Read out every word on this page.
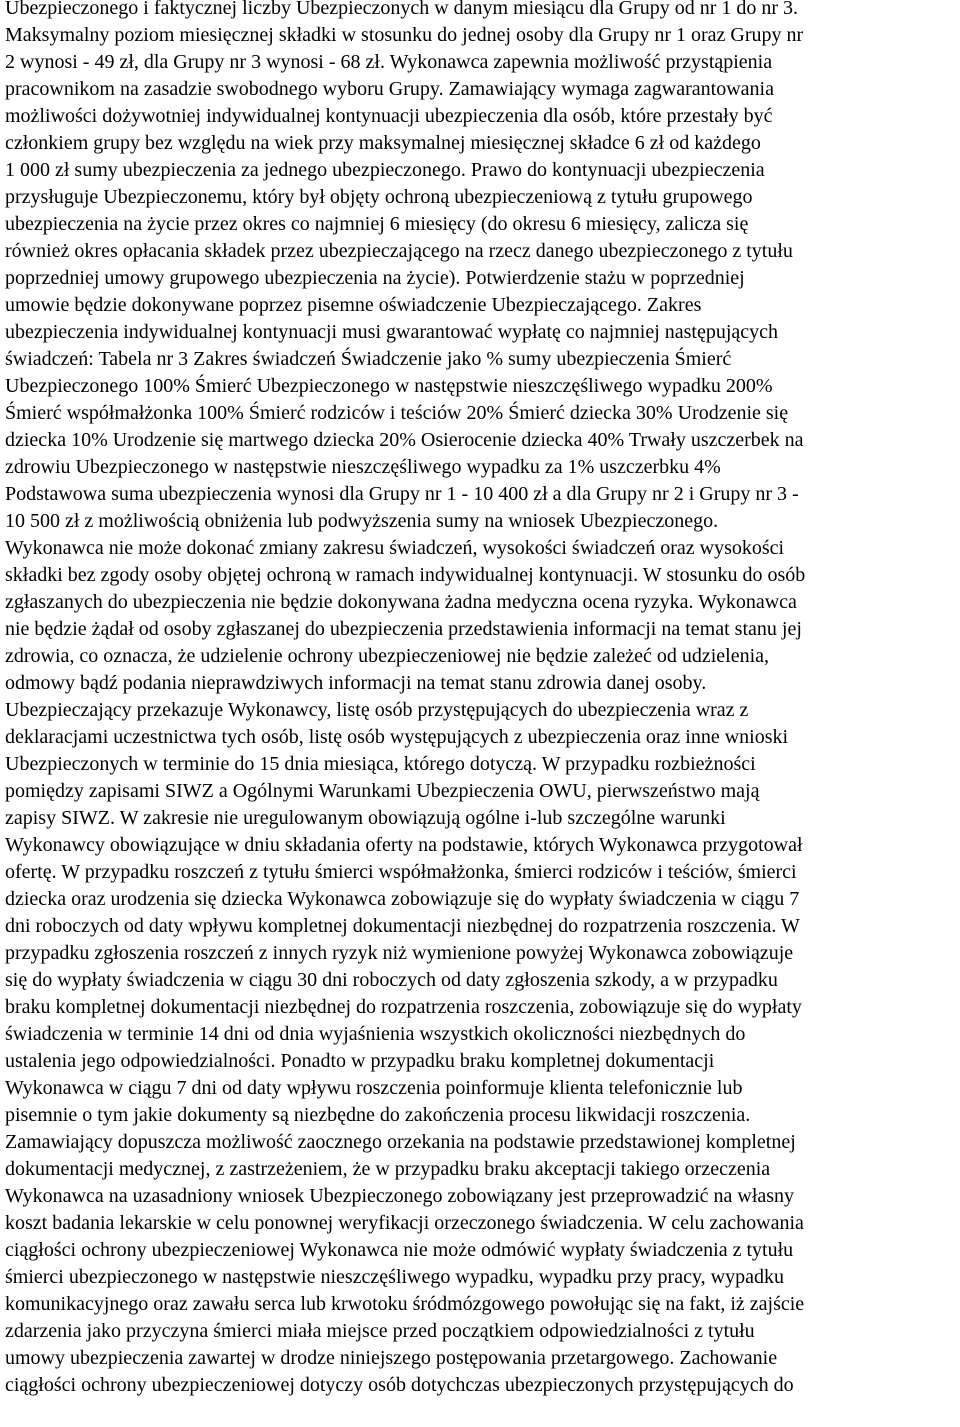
Ubezpieczonego i faktycznej liczby Ubezpieczonych w danym miesiącu dla Grupy od nr 1 do nr 3.
Maksymalny poziom miesięcznej składki w stosunku do jednej osoby dla Grupy nr 1 oraz Grupy nr
2 wynosi - 49 zł, dla Grupy nr 3 wynosi - 68 zł. Wykonawca zapewnia możliwość przystąpienia
pracownikom na zasadzie swobodnego wyboru Grupy. Zamawiający wymaga zagwarantowania
możliwości dożywotniej indywidualnej kontynuacji ubezpieczenia dla osób, które przestały być
członkiem grupy bez względu na wiek przy maksymalnej miesięcznej składce 6 zł od każdego
1 000 zł sumy ubezpieczenia za jednego ubezpieczonego. Prawo do kontynuacji ubezpieczenia
przysługuje Ubezpieczonemu, który był objęty ochroną ubezpieczeniową z tytułu grupowego
ubezpieczenia na życie przez okres co najmniej 6 miesięcy (do okresu 6 miesięcy, zalicza się
również okres opłacania składek przez ubezpieczającego na rzecz danego ubezpieczonego z tytułu
poprzedniej umowy grupowego ubezpieczenia na życie). Potwierdzenie stażu w poprzedniej
umowie będzie dokonywane poprzez pisemne oświadczenie Ubezpieczającego. Zakres
ubezpieczenia indywidualnej kontynuacji musi gwarantować wypłatę co najmniej następujących
świadczeń: Tabela nr 3 Zakres świadczeń Świadczenie jako % sumy ubezpieczenia Śmierć
Ubezpieczonego 100% Śmierć Ubezpieczonego w następstwie nieszczęśliwego wypadku 200%
Śmierć współmałżonka 100% Śmierć rodziców i teściów 20% Śmierć dziecka 30% Urodzenie się
dziecka 10% Urodzenie się martwego dziecka 20% Osierocenie dziecka 40% Trwały uszczerbek na
zdrowiu Ubezpieczonego w następstwie nieszczęśliwego wypadku za 1% uszczerbku 4%
Podstawowa suma ubezpieczenia wynosi dla Grupy nr 1 - 10 400 zł a dla Grupy nr 2 i Grupy nr 3 -
10 500 zł z możliwością obniżenia lub podwyższenia sumy na wniosek Ubezpieczonego.
Wykonawca nie może dokonać zmiany zakresu świadczeń, wysokości świadczeń oraz wysokości
składki bez zgody osoby objętej ochroną w ramach indywidualnej kontynuacji. W stosunku do osób
zgłaszanych do ubezpieczenia nie będzie dokonywana żadna medyczna ocena ryzyka. Wykonawca
nie będzie żądał od osoby zgłaszanej do ubezpieczenia przedstawienia informacji na temat stanu jej
zdrowia, co oznacza, że udzielenie ochrony ubezpieczeniowej nie będzie zależeć od udzielenia,
odmowy bądź podania nieprawdziwych informacji na temat stanu zdrowia danej osoby.
Ubezpieczający przekazuje Wykonawcy, listę osób przystępujących do ubezpieczenia wraz z
deklaracjami uczestnictwa tych osób, listę osób występujących z ubezpieczenia oraz inne wnioski
Ubezpieczonych w terminie do 15 dnia miesiąca, którego dotyczą. W przypadku rozbieżności
pomiędzy zapisami SIWZ a Ogólnymi Warunkami Ubezpieczenia OWU, pierwszeństwo mają
zapisy SIWZ. W zakresie nie uregulowanym obowiązują ogólne i-lub szczególne warunki
Wykonawcy obowiązujące w dniu składania oferty na podstawie, których Wykonawca przygotował
ofertę. W przypadku roszczeń z tytułu śmierci współmałżonka, śmierci rodziców i teściów, śmierci
dziecka oraz urodzenia się dziecka Wykonawca zobowiązuje się do wypłaty świadczenia w ciągu 7
dni roboczych od daty wpływu kompletnej dokumentacji niezbędnej do rozpatrzenia roszczenia. W
przypadku zgłoszenia roszczeń z innych ryzyk niż wymienione powyżej Wykonawca zobowiązuje
się do wypłaty świadczenia w ciągu 30 dni roboczych od daty zgłoszenia szkody, a w przypadku
braku kompletnej dokumentacji niezbędnej do rozpatrzenia roszczenia, zobowiązuje się do wypłaty
świadczenia w terminie 14 dni od dnia wyjaśnienia wszystkich okoliczności niezbędnych do
ustalenia jego odpowiedzialności. Ponadto w przypadku braku kompletnej dokumentacji
Wykonawca w ciągu 7 dni od daty wpływu roszczenia poinformuje klienta telefonicznie lub
pisemnie o tym jakie dokumenty są niezbędne do zakończenia procesu likwidacji roszczenia.
Zamawiający dopuszcza możliwość zaocznego orzekania na podstawie przedstawionej kompletnej
dokumentacji medycznej, z zastrzeżeniem, że w przypadku braku akceptacji takiego orzeczenia
Wykonawca na uzasadniony wniosek Ubezpieczonego zobowiązany jest przeprowadzić na własny
koszt badania lekarskie w celu ponownej weryfikacji orzeczonego świadczenia. W celu zachowania
ciągłości ochrony ubezpieczeniowej Wykonawca nie może odmówić wypłaty świadczenia z tytułu
śmierci ubezpieczonego w następstwie nieszczęśliwego wypadku, wypadku przy pracy, wypadku
komunikacyjnego oraz zawału serca lub krwotoku śródmózgowego powołując się na fakt, iż zajście
zdarzenia jako przyczyna śmierci miała miejsce przed początkiem odpowiedzialności z tytułu
umowy ubezpieczenia zawartej w drodze niniejszego postępowania przetargowego. Zachowanie
ciągłości ochrony ubezpieczeniowej dotyczy osób dotychczas ubezpieczonych przystępujących do
